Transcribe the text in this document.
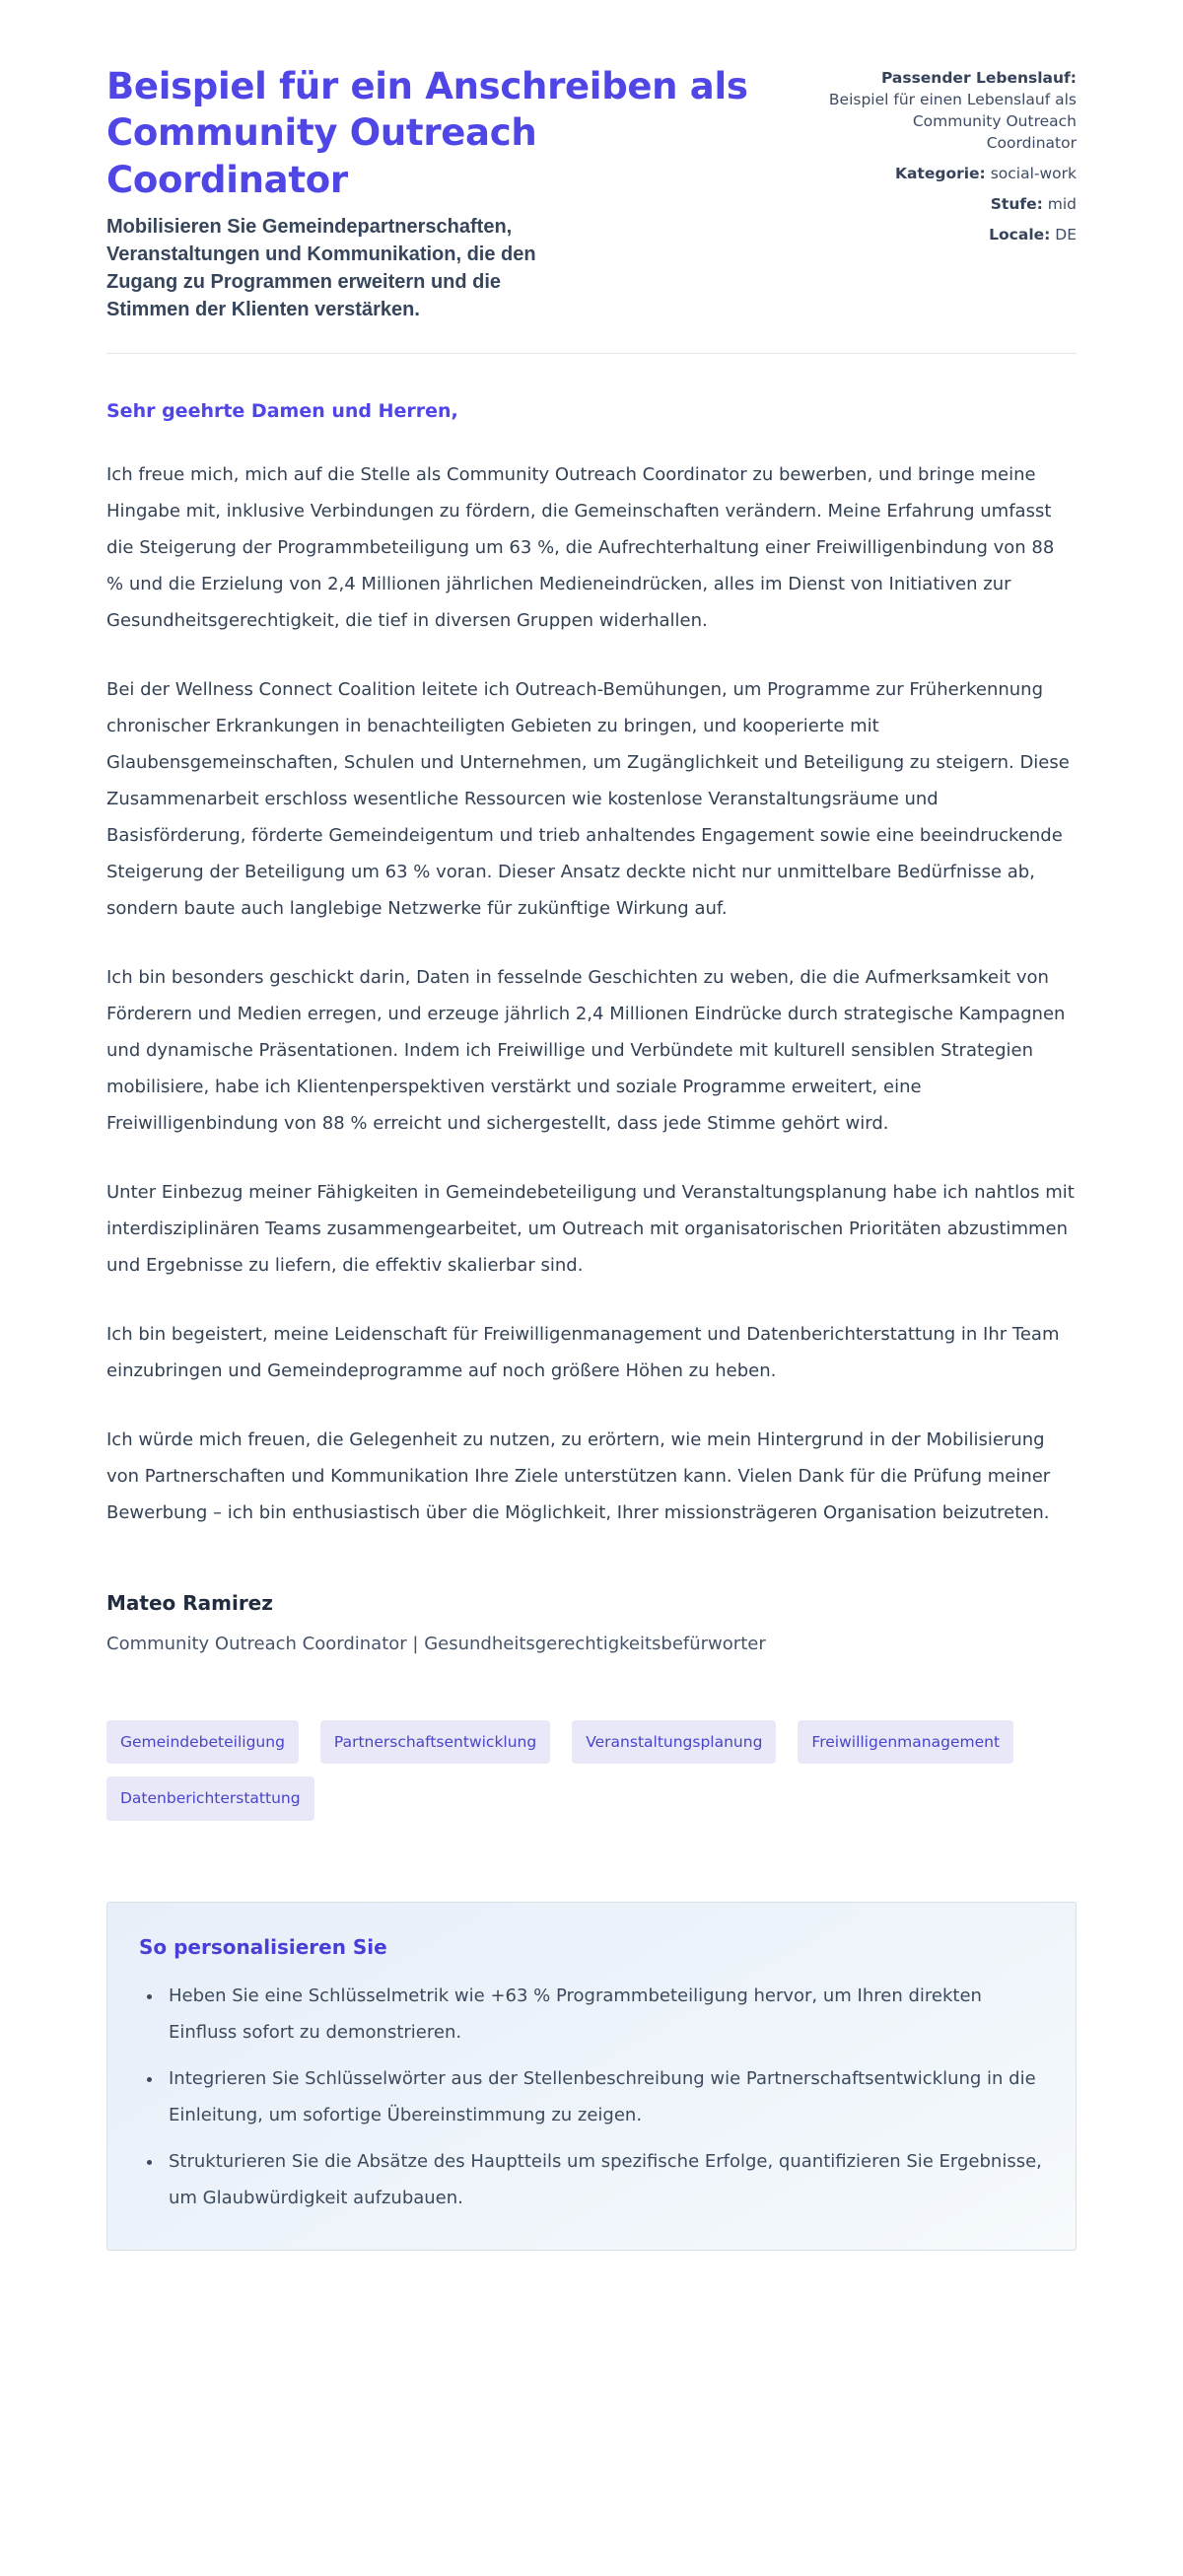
Beispiel für ein Anschreiben als
Community Outreach
Coordinator

Mobilisieren Sie Gemeindepartnerschaften, Veranstaltungen und Kommunikation, die den Zugang zu Programmen erweitern und die Stimmen der Klienten verstärken.

Passender Lebenslauf: Beispiel für einen Lebenslauf als Community Outreach Coordinator
Kategorie: social-work
Stufe: mid
Locale: DE

Sehr geehrte Damen und Herren,

Ich freue mich, mich auf die Stelle als Community Outreach Coordinator zu bewerben, und bringe meine Hingabe mit, inklusive Verbindungen zu fördern, die Gemeinschaften verändern. Meine Erfahrung umfasst die Steigerung der Programmbeteiligung um 63 %, die Aufrechterhaltung einer Freiwilligenbindung von 88 % und die Erzielung von 2,4 Millionen jährlichen Medieneindrücken, alles im Dienst von Initiativen zur Gesundheitsgerechtigkeit, die tief in diversen Gruppen widerhallen.

Bei der Wellness Connect Coalition leitete ich Outreach-Bemühungen, um Programme zur Früherkennung chronischer Erkrankungen in benachteiligten Gebieten zu bringen, und kooperierte mit Glaubensgemeinschaften, Schulen und Unternehmen, um Zugänglichkeit und Beteiligung zu steigern. Diese Zusammenarbeit erschloss wesentliche Ressourcen wie kostenlose Veranstaltungsräume und Basisförderung, förderte Gemeindeigentum und trieb anhaltendes Engagement sowie eine beeindruckende Steigerung der Beteiligung um 63 % voran. Dieser Ansatz deckte nicht nur unmittelbare Bedürfnisse ab, sondern baute auch langlebige Netzwerke für zukünftige Wirkung auf.

Ich bin besonders geschickt darin, Daten in fesselnde Geschichten zu weben, die die Aufmerksamkeit von Förderern und Medien erregen, und erzeuge jährlich 2,4 Millionen Eindrücke durch strategische Kampagnen und dynamische Präsentationen. Indem ich Freiwillige und Verbündete mit kulturell sensiblen Strategien mobilisiere, habe ich Klientenperspektiven verstärkt und soziale Programme erweitert, eine Freiwilligenbindung von 88 % erreicht und sichergestellt, dass jede Stimme gehört wird.

Unter Einbezug meiner Fähigkeiten in Gemeindebeteiligung und Veranstaltungsplanung habe ich nahtlos mit interdisziplinären Teams zusammengearbeitet, um Outreach mit organisatorischen Prioritäten abzustimmen und Ergebnisse zu liefern, die effektiv skalierbar sind.

Ich bin begeistert, meine Leidenschaft für Freiwilligenmanagement und Datenberichterstattung in Ihr Team einzubringen und Gemeindeprogramme auf noch größere Höhen zu heben.

Ich würde mich freuen, die Gelegenheit zu nutzen, zu erörtern, wie mein Hintergrund in der Mobilisierung von Partnerschaften und Kommunikation Ihre Ziele unterstützen kann. Vielen Dank für die Prüfung meiner Bewerbung – ich bin enthusiastisch über die Möglichkeit, Ihrer missionsträgeren Organisation beizutreten.

Mateo Ramirez

Community Outreach Coordinator | Gesundheitsgerechtigkeitsbefürworter

Gemeindebeteiligung	Partnerschaftsentwicklung	Veranstaltungsplanung	Freiwilligenmanagement
Datenberichterstattung
So personalisieren Sie
• Heben Sie eine Schlüsselmetrik wie +63 % Programmbeteiligung hervor, um Ihren direkten Einfluss sofort zu demonstrieren.
• Integrieren Sie Schlüsselwörter aus der Stellenbeschreibung wie Partnerschaftsentwicklung in die Einleitung, um sofortige Übereinstimmung zu zeigen.
• Strukturieren Sie die Absätze des Hauptteils um spezifische Erfolge, quantifizieren Sie Ergebnisse, um Glaubwürdigkeit aufzubauen.
